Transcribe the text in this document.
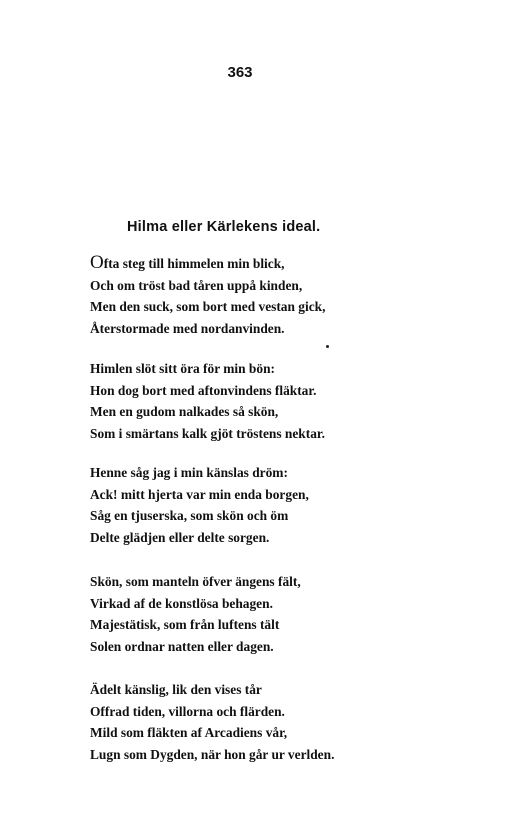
363
Hilma eller Kärlekens ideal.
Ofta steg till himmelen min blick,
Och om tröst bad tåren uppå kinden,
Men den suck, som bort med vestan gick,
Återstormade med nordanvinden.
Himlen slöt sitt öra för min bön:
Hon dog bort med aftonvindens fläktar.
Men en gudom nalkades så skön,
Som i smärtans kalk gjöt tröstens nektar.
Henne såg jag i min känslas dröm:
Ack! mitt hjerta var min enda borgen,
Såg en tjuserska, som skön och öm
Delte glädjen eller delte sorgen.
Skön, som manteln öfver ängens fält,
Virkad af de konstlösa behagen.
Majestätisk, som från luftens tält
Solen ordnar natten eller dagen.
Ädelt känslig, lik den vises tår
Offrad tiden, villorna och flärden.
Mild som fläkten af Arcadiens vår,
Lugn som Dygden, när hon går ur verlden.
